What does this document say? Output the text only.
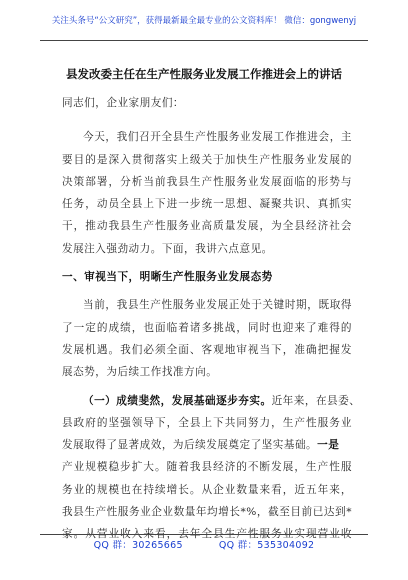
关注头条号“公文研究”，获得最新最全最专业的公文资料库！ 微信：gongwenyj
县发改委主任在生产性服务业发展工作推进会上的讲话
同志们，企业家朋友们：
今天，我们召开全县生产性服务业发展工作推进会，主
要目的是深入贯彻落实上级关于加快生产性服务业发展的
决策部署，分析当前我县生产性服务业发展面临的形势与
任务，动员全县上下进一步统一思想、凝聚共识、真抓实
干，推动我县生产性服务业高质量发展，为全县经济社会
发展注入强劲动力。下面，我讲六点意见。
一、审视当下，明晰生产性服务业发展态势
当前，我县生产性服务业发展正处于关键时期，既取得
了一定的成绩，也面临着诸多挑战，同时也迎来了难得的
发展机遇。我们必须全面、客观地审视当下，准确把握发
展态势，为后续工作找准方向。
（一）成绩斐然，发展基础逐步夯实。近年来，在县委、
县政府的坚强领导下，全县上下共同努力，生产性服务业
发展取得了显著成效，为后续发展奠定了坚实基础。一是
产业规模稳步扩大。随着我县经济的不断发展，生产性服
务业的规模也在持续增长。从企业数量来看，近五年来，
我县生产性服务业企业数量年均增长*%，截至目前已达到*
家。从营业收入来看，去年全县生产性服务业实现营业收
QQ 群：30265665	QQ 群：535304092
